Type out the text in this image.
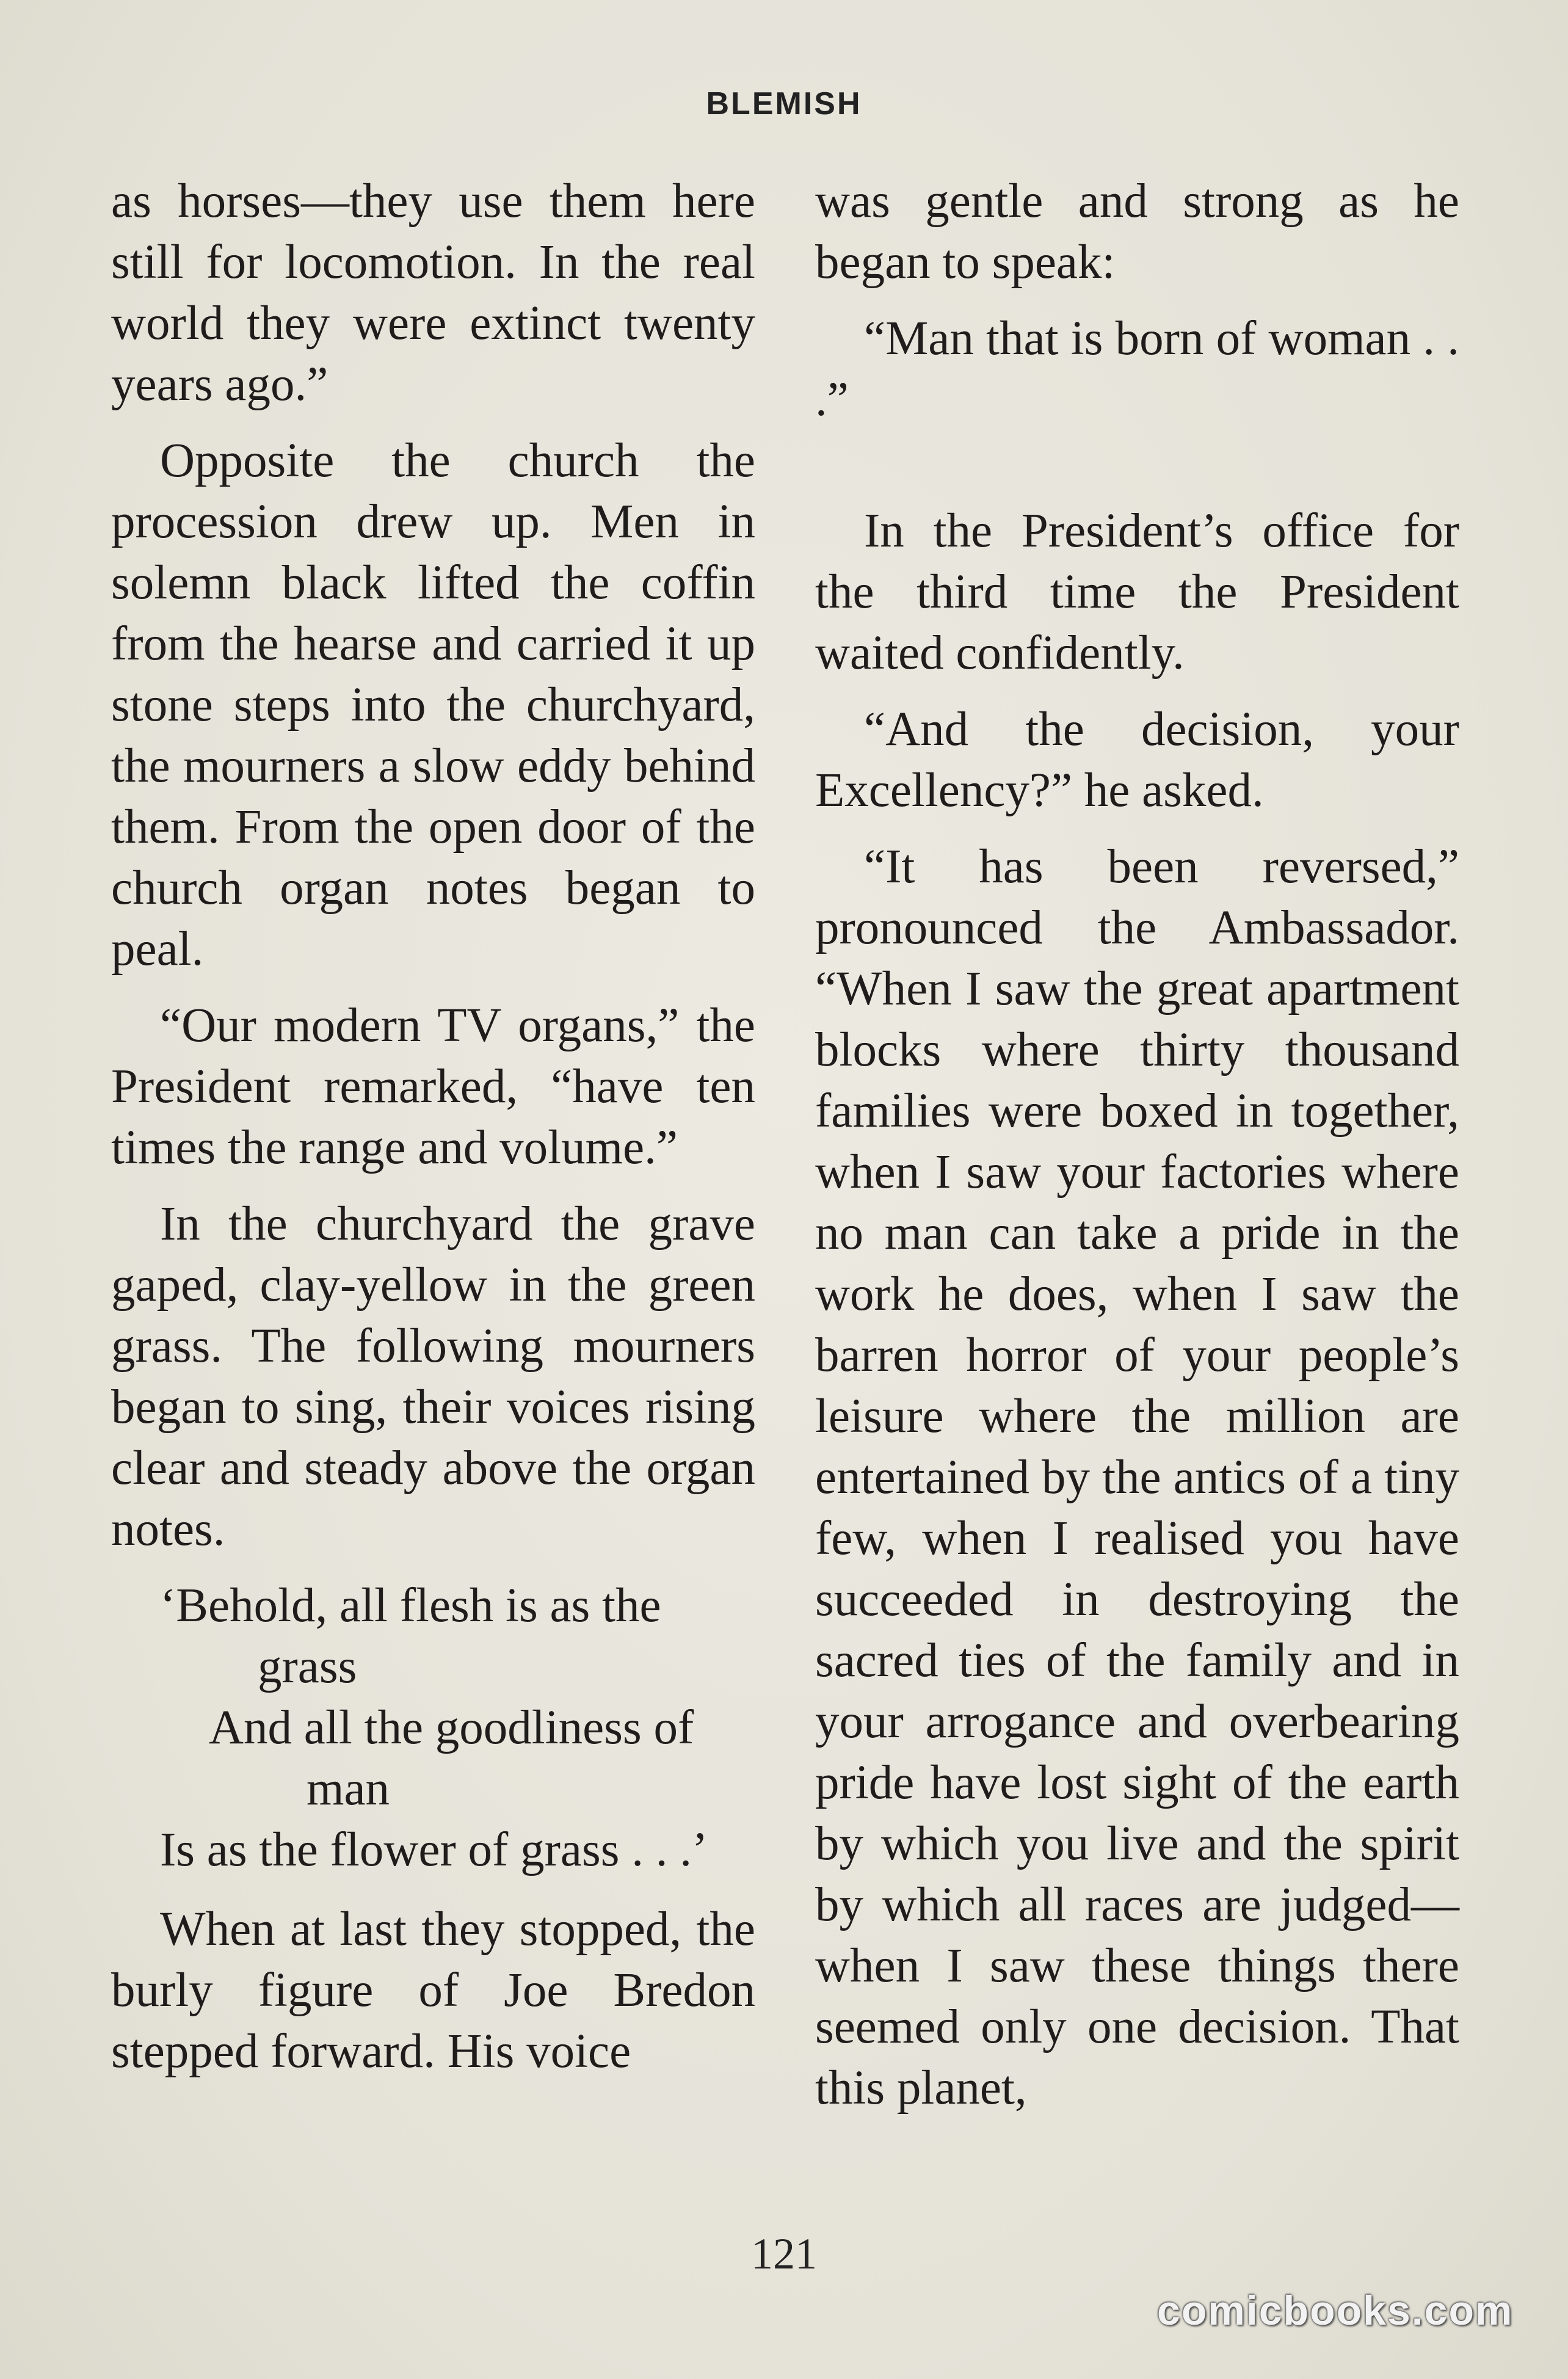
BLEMISH

as horses—they use them here still for locomotion. In the real world they were extinct twenty years ago.”

Opposite the church the procession drew up. Men in solemn black lifted the coffin from the hearse and carried it up stone steps into the churchyard, the mourners a slow eddy behind them. From the open door of the church organ notes began to peal.

“Our modern TV organs,” the President remarked, “have ten times the range and volume.”

In the churchyard the grave gaped, clay-yellow in the green grass. The following mourners began to sing, their voices rising clear and steady above the organ notes.

‘Behold, all flesh is as the

grass

And all the goodliness of

man

Is as the flower of grass . . .’

When at last they stopped, the burly figure of Joe Bredon stepped forward. His voice

was gentle and strong as he began to speak:

“Man that is born of woman . . .”

In the President’s office for the third time the President waited confidently.

“And the decision, your Excellency?” he asked.

“It has been reversed,” pronounced the Ambassador. “When I saw the great apartment blocks where thirty thousand families were boxed in together, when I saw your factories where no man can take a pride in the work he does, when I saw the barren horror of your people’s leisure where the million are entertained by the antics of a tiny few, when I realised you have succeeded in destroying the sacred ties of the family and in your arrogance and overbearing pride have lost sight of the earth by which you live and the spirit by which all races are judged—when I saw these things there seemed only one decision. That this planet,

121
comicbooks.com
